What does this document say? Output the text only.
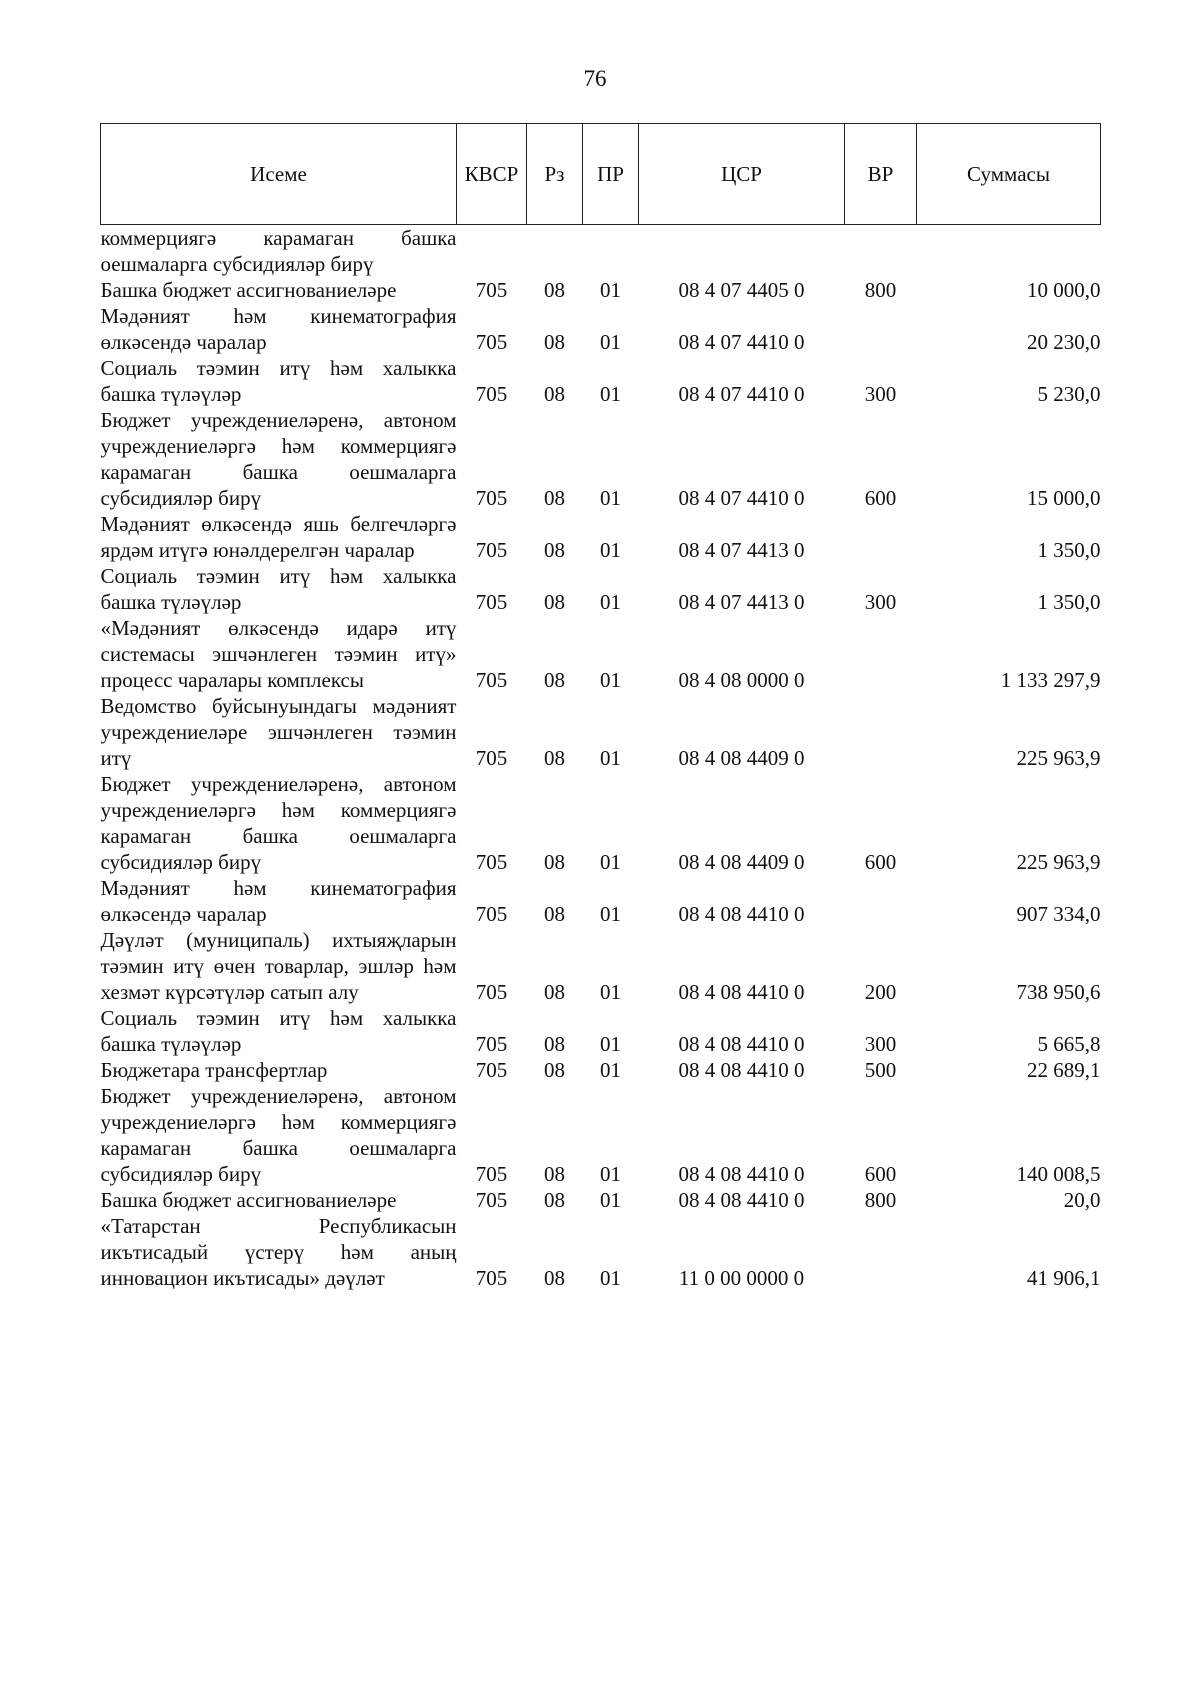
76
Исеме	КВСР	Рз	ПР	ЦСР	ВР	Суммасы
коммерциягә карамаган башка оешмаларга субсидияләр бирү						
Башка бюджет ассигнованиеләре	705	08	01	08 4 07 4405 0	800	10 000,0
Мәдәният һәм кинематография өлкәсендә чаралар	705	08	01	08 4 07 4410 0		20 230,0
Социаль тәэмин итү һәм халыкка башка түләүләр	705	08	01	08 4 07 4410 0	300	5 230,0
Бюджет учреждениеләренә, автоном учреждениеләргә һәм коммерциягә карамаган башка оешмаларга субсидияләр бирү	705	08	01	08 4 07 4410 0	600	15 000,0
Мәдәният өлкәсендә яшь белгечләргә ярдәм итүгә юнәлдерелгән чаралар	705	08	01	08 4 07 4413 0		1 350,0
Социаль тәэмин итү һәм халыкка башка түләүләр	705	08	01	08 4 07 4413 0	300	1 350,0
«Мәдәният өлкәсендә идарә итү системасы эшчәнлеген тәэмин итү» процесс чаралары комплексы	705	08	01	08 4 08 0000 0		1 133 297,9
Ведомство буйсынуындагы мәдәният учреждениеләре эшчәнлеген тәэмин итү	705	08	01	08 4 08 4409 0		225 963,9
Бюджет учреждениеләренә, автоном учреждениеләргә һәм коммерциягә карамаган башка оешмаларга субсидияләр бирү	705	08	01	08 4 08 4409 0	600	225 963,9
Мәдәният һәм кинематография өлкәсендә чаралар	705	08	01	08 4 08 4410 0		907 334,0
Дәүләт (муниципаль) ихтыяҗларын тәэмин итү өчен товарлар, эшләр һәм хезмәт күрсәтүләр сатып алу	705	08	01	08 4 08 4410 0	200	738 950,6
Социаль тәэмин итү һәм халыкка башка түләүләр	705	08	01	08 4 08 4410 0	300	5 665,8
Бюджетара трансфертлар	705	08	01	08 4 08 4410 0	500	22 689,1
Бюджет учреждениеләренә, автоном учреждениеләргә һәм коммерциягә карамаган башка оешмаларга субсидияләр бирү	705	08	01	08 4 08 4410 0	600	140 008,5
Башка бюджет ассигнованиеләре	705	08	01	08 4 08 4410 0	800	20,0
«Татарстан Республикасын икътисадый үстерү һәм аның инновацион икътисады» дәүләт	705	08	01	11 0 00 0000 0		41 906,1
